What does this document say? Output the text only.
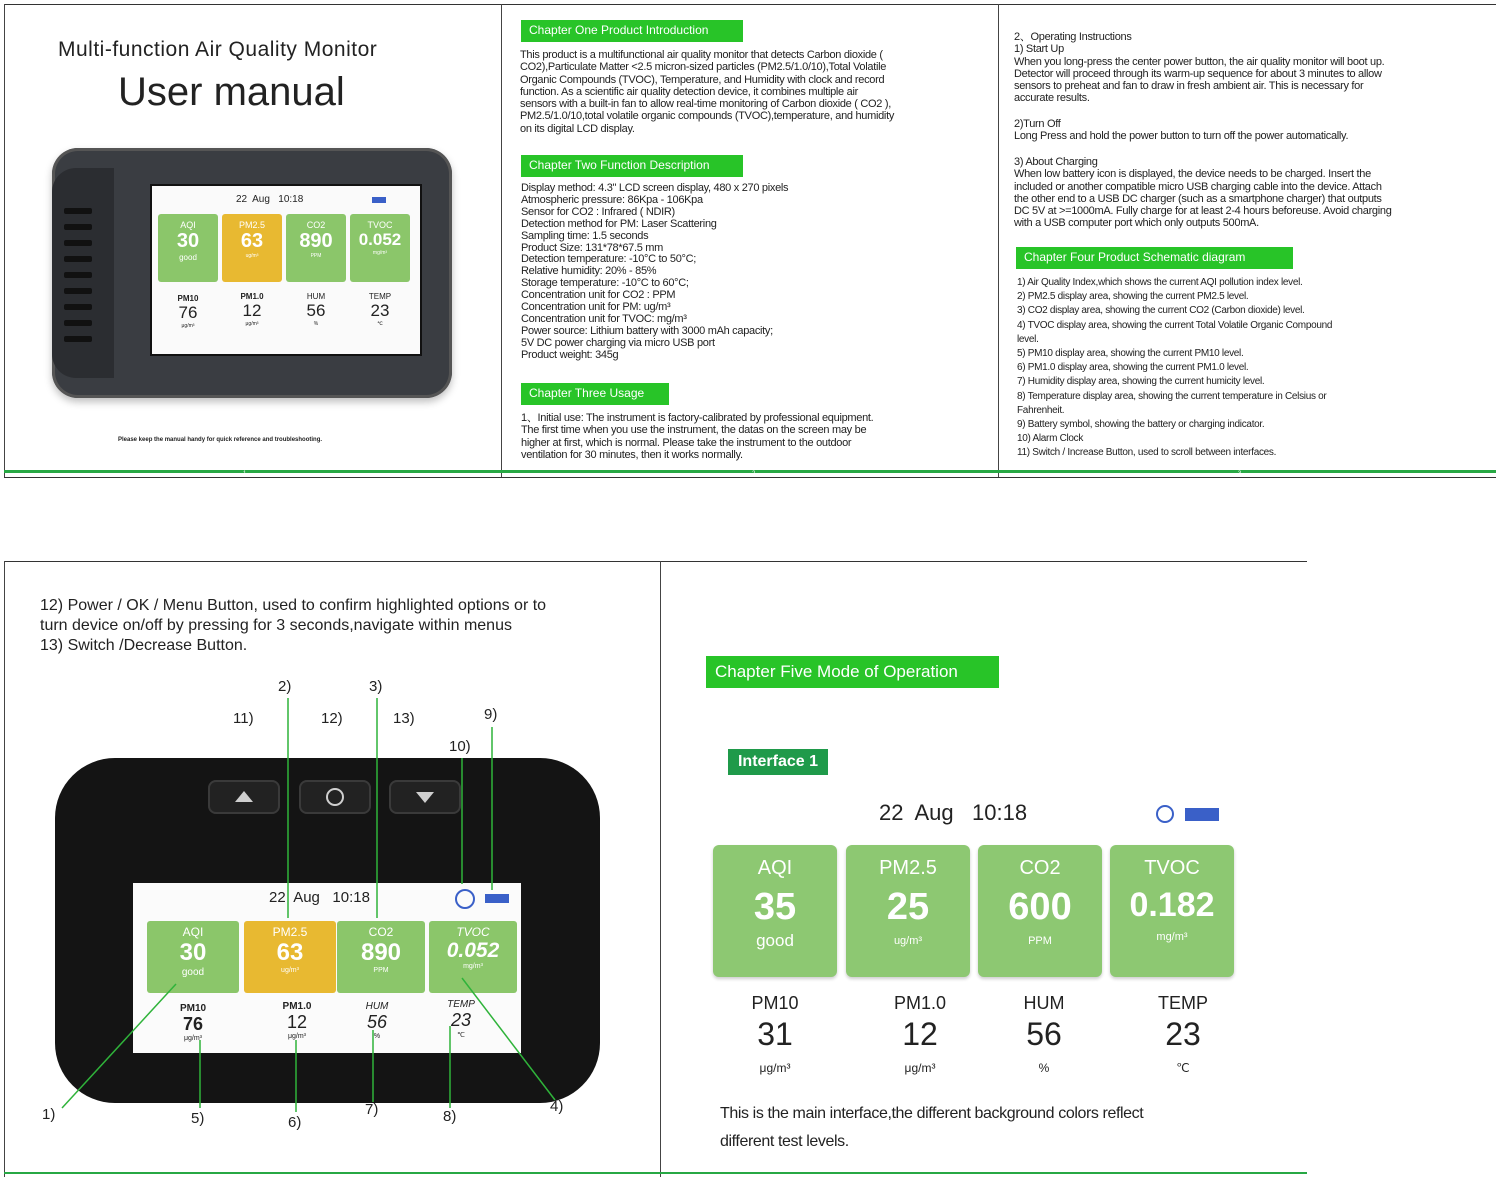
1	2	3
Multi-function Air Quality Monitor
User manual
22 Aug 10:18
AQI
30
good
PM2.5
63
ug/m³
CO2
890
PPM
TVOC
0.052
mg/m³
PM10
76
μg/m³
PM1.0
12
μg/m³
HUM
56
%
TEMP
23
℃
Please keep the manual handy for quick reference and troubleshooting.
Chapter One Product Introduction
This product is a multifunctional air quality monitor that detects Carbon dioxide (
CO2),Particulate Matter <2.5 micron-sized particles (PM2.5/1.0/10),Total Volatile
Organic Compounds (TVOC), Temperature, and Humidity with clock and record
function. As a scientific air quality detection device, it combines multiple air
sensors with a built-in fan to allow real-time monitoring of Carbon dioxide ( CO2 ),
PM2.5/1.0/10,total volatile organic compounds (TVOC),temperature, and humidity
on its digital LCD display.
Chapter Two Function Description
Display method: 4.3" LCD screen display, 480 x 270 pixels
Atmospheric pressure: 86Kpa - 106Kpa
Sensor for CO2 : Infrared ( NDIR)
Detection method for PM: Laser Scattering
Sampling time: 1.5 seconds
Product Size: 131*78*67.5 mm
Detection temperature: -10°C to 50°C;
Relative humidity: 20% - 85%
Storage temperature: -10°C to 60°C;
Concentration unit for CO2 : PPM
Concentration unit for PM: ug/m³
Concentration unit for TVOC: mg/m³
Power source: Lithium battery with 3000 mAh capacity;
5V DC power charging via micro USB port
Product weight: 345g
Chapter Three Usage
1、Initial use: The instrument is factory-calibrated by professional equipment.
The first time when you use the instrument, the datas on the screen may be
higher at first, which is normal. Please take the instrument to the outdoor
ventilation for 30 minutes, then it works normally.
2、Operating Instructions
1) Start Up
When you long-press the center power button, the air quality monitor will boot up.
Detector will proceed through its warm-up sequence for about 3 minutes to allow
sensors to preheat and fan to draw in fresh ambient air. This is necessary for
accurate results.
2)Turn Off
Long Press and hold the power button to turn off the power automatically.
3) About Charging
When low battery icon is displayed, the device needs to be charged. Insert the
included or another compatible micro USB charging cable into the device. Attach
the other end to a USB DC charger (such as a smartphone charger) that outputs
DC 5V at >=1000mA. Fully charge for at least 2-4 hours beforeuse. Avoid charging
with a USB computer port which only outputs 500mA.
Chapter Four Product Schematic diagram
1) Air Quality Index,which shows the current AQI pollution index level.
2) PM2.5 display area, showing the current PM2.5 level.
3) CO2 display area, showing the current CO2 (Carbon dioxide) level.
4) TVOC display area, showing the current Total Volatile Organic Compound
level.
5) PM10 display area, showing the current PM10 level.
6) PM1.0 display area, showing the current PM1.0 level.
7) Humidity display area, showing the current humicity level.
8) Temperature display area, showing the current temperature in Celsius or
Fahrenheit.
9) Battery symbol, showing the battery or charging indicator.
10) Alarm Clock
11) Switch / Increase Button, used to scroll between interfaces.
12) Power / OK / Menu Button, used to confirm highlighted options or to
turn device on/off by pressing for 3 seconds,navigate within menus
13) Switch /Decrease Button.
22 Aug 10:18
AQI
30
good
PM2.5
63
ug/m³
CO2
890
PPM
TVOC
0.052
mg/m³
PM10
76
μg/m³
PM1.0
12
μg/m³
HUM
56
%
TEMP
23
℃
1)
2)	3)
4)
5)	6)
7)	8)
9)
10)
11)	12)	13)
Chapter Five Mode of Operation
Interface 1
22 Aug 10:18
AQI
35
good
PM2.5
25
ug/m³
CO2
600
PPM
TVOC
0.182
mg/m³
PM10
31
μg/m³
PM1.0
12
μg/m³
HUM
56
%
TEMP
23
℃
This is the main interface,the different background colors reflect
different test levels.
